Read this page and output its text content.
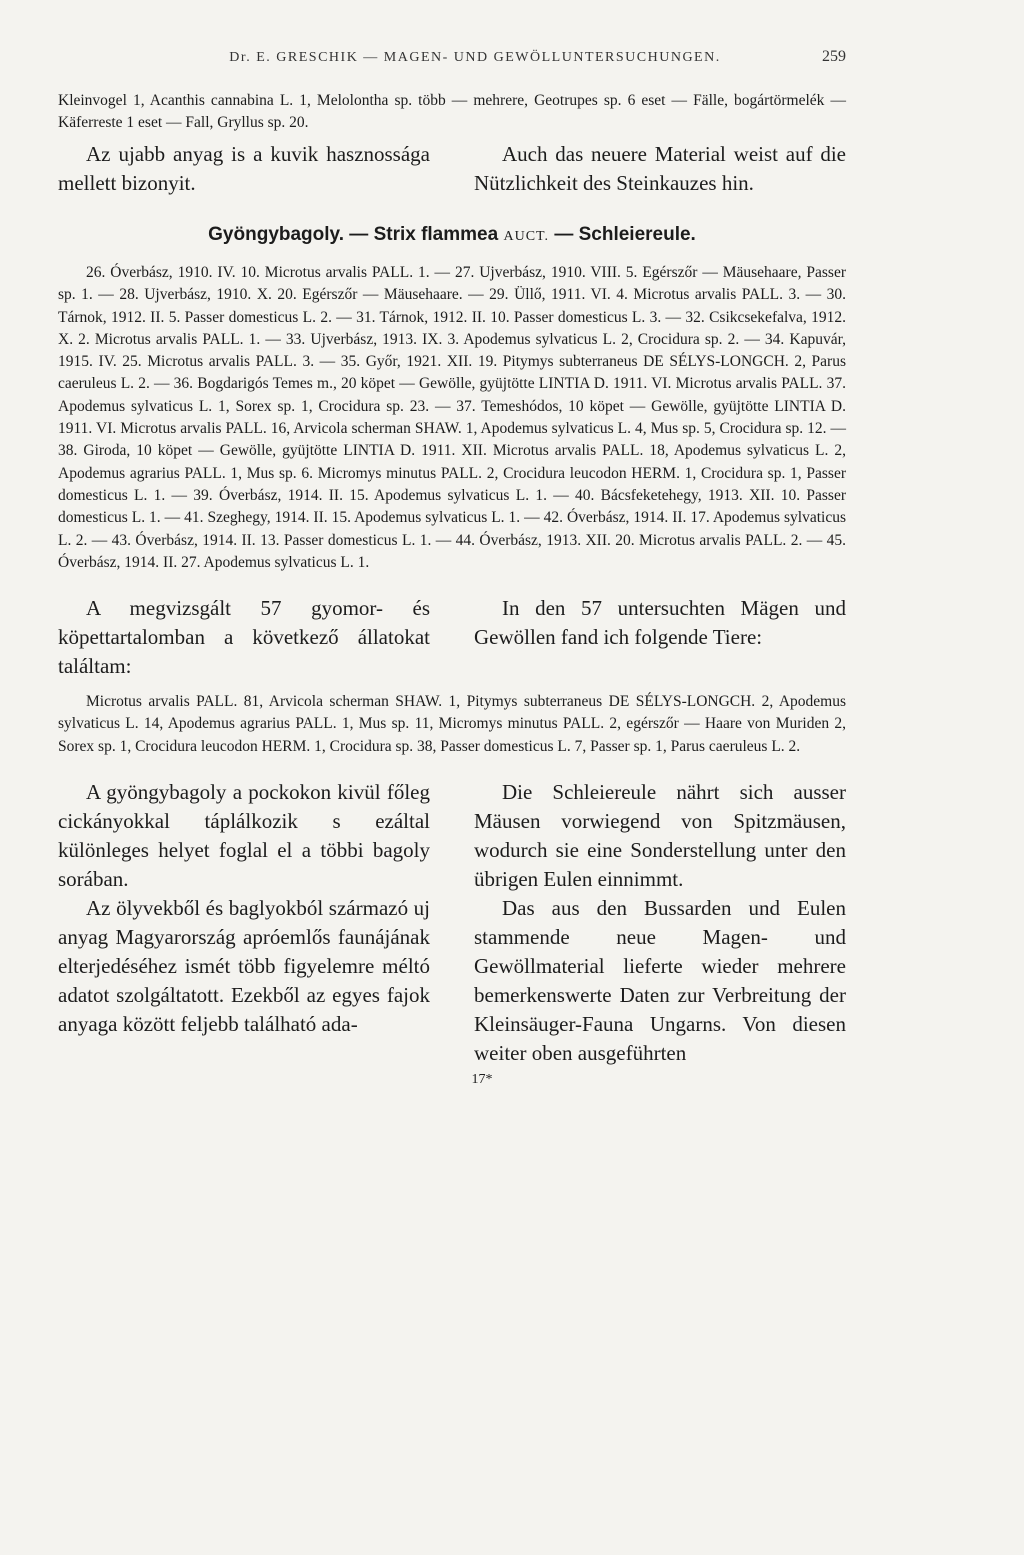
Dr. E. GRESCHIK — MAGEN- UND GEWÖLLUNTERSUCHUNGEN.	259
Kleinvogel 1, Acanthis cannabina L. 1, Melolontha sp. több — mehrere, Geotrupes sp. 6 eset — Fälle, bogártörmelék — Käferreste 1 eset — Fall, Gryllus sp. 20.
Az ujabb anyag is a kuvik hasznossága mellett bizonyit.
Auch das neuere Material weist auf die Nützlichkeit des Steinkauzes hin.
Gyöngybagoly. — Strix flammea AUCT. — Schleiereule.
26. Óverbász, 1910. IV. 10. Microtus arvalis PALL. 1. — 27. Ujverbász, 1910. VIII. 5. Egérszőr — Mäusehaare, Passer sp. 1. — 28. Ujverbász, 1910. X. 20. Egérszőr — Mäusehaare. — 29. Üllő, 1911. VI. 4. Microtus arvalis PALL. 3. — 30. Tárnok, 1912. II. 5. Passer domesticus L. 2. — 31. Tárnok, 1912. II. 10. Passer domesticus L. 3. — 32. Csikcsekefalva, 1912. X. 2. Microtus arvalis PALL. 1. — 33. Ujverbász, 1913. IX. 3. Apodemus sylvaticus L. 2, Crocidura sp. 2. — 34. Kapuvár, 1915. IV. 25. Microtus arvalis PALL. 3. — 35. Győr, 1921. XII. 19. Pitymys subterraneus DE SÉLYS-LONGCH. 2, Parus caeruleus L. 2. — 36. Bogdarigós Temes m., 20 köpet — Gewölle, gyüjtötte LINTIA D. 1911. VI. Microtus arvalis PALL. 37. Apodemus sylvaticus L. 1, Sorex sp. 1, Crocidura sp. 23. — 37. Temeshódos, 10 köpet — Gewölle, gyüjtötte LINTIA D. 1911. VI. Microtus arvalis PALL. 16, Arvicola scherman SHAW. 1, Apodemus sylvaticus L. 4, Mus sp. 5, Crocidura sp. 12. — 38. Giroda, 10 köpet — Gewölle, gyüjtötte LINTIA D. 1911. XII. Microtus arvalis PALL. 18, Apodemus sylvaticus L. 2, Apodemus agrarius PALL. 1, Mus sp. 6. Micromys minutus PALL. 2, Crocidura leucodon HERM. 1, Crocidura sp. 1, Passer domesticus L. 1. — 39. Óverbász, 1914. II. 15. Apodemus sylvaticus L. 1. — 40. Bácsfeketehegy, 1913. XII. 10. Passer domesticus L. 1. — 41. Szeghegy, 1914. II. 15. Apodemus sylvaticus L. 1. — 42. Óverbász, 1914. II. 17. Apodemus sylvaticus L. 2. — 43. Óverbász, 1914. II. 13. Passer domesticus L. 1. — 44. Óverbász, 1913. XII. 20. Microtus arvalis PALL. 2. — 45. Óverbász, 1914. II. 27. Apodemus sylvaticus L. 1.
A megvizsgált 57 gyomor- és köpettartalomban a következő állatokat találtam:
In den 57 untersuchten Mägen und Gewöllen fand ich folgende Tiere:
Microtus arvalis PALL. 81, Arvicola scherman SHAW. 1, Pitymys subterraneus DE SÉLYS-LONGCH. 2, Apodemus sylvaticus L. 14, Apodemus agrarius PALL. 1, Mus sp. 11, Micromys minutus PALL. 2, egérszőr — Haare von Muriden 2, Sorex sp. 1, Crocidura leucodon HERM. 1, Crocidura sp. 38, Passer domesticus L. 7, Passer sp. 1, Parus caeruleus L. 2.
A gyöngybagoly a pockokon kivül főleg cickányokkal táplálkozik s ezáltal különleges helyet foglal el a többi bagoly sorában.
Die Schleiereule nährt sich ausser Mäusen vorwiegend von Spitzmäusen, wodurch sie eine Sonderstellung unter den übrigen Eulen einnimmt.
Az ölyvekből és baglyokból származó uj anyag Magyarország apróemlős faunájának elterjedéséhez ismét több figyelemre méltó adatot szolgáltatott. Ezekből az egyes fajok anyaga között feljebb található ada-
Das aus den Bussarden und Eulen stammende neue Magen- und Gewöllmaterial lieferte wieder mehrere bemerkenswerte Daten zur Verbreitung der Kleinsäuger-Fauna Ungarns. Von diesen weiter oben ausgeführten
17*
